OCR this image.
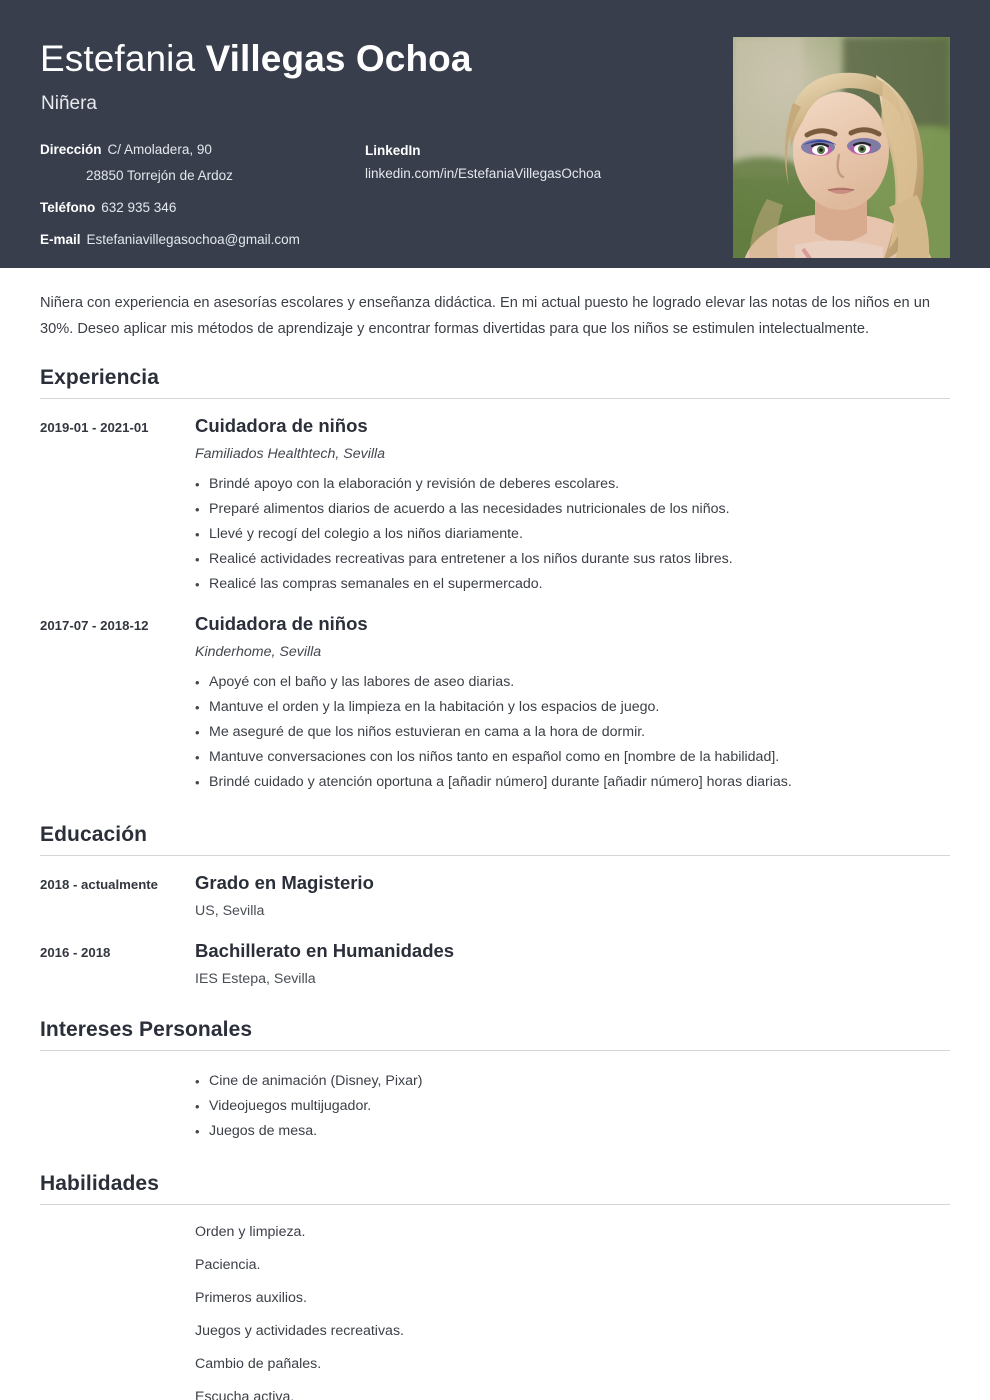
Estefania Villegas Ochoa
Niñera
Dirección C/ Amoladera, 90
28850 Torrejón de Ardoz
Teléfono 632 935 346
E-mail Estefaniavillegasochoa@gmail.com
LinkedIn
linkedin.com/in/EstefaniaVillegasOchoa

Niñera con experiencia en asesorías escolares y enseñanza didáctica. En mi actual puesto he logrado elevar las notas de los niños en un 30%. Deseo aplicar mis métodos de aprendizaje y encontrar formas divertidas para que los niños se estimulen intelectualmente.

Experiencia
2019-01 - 2021-01	Cuidadora de niños
Familiados Healthtech, Sevilla
• Brindé apoyo con la elaboración y revisión de deberes escolares.
• Preparé alimentos diarios de acuerdo a las necesidades nutricionales de los niños.
• Llevé y recogí del colegio a los niños diariamente.
• Realicé actividades recreativas para entretener a los niños durante sus ratos libres.
• Realicé las compras semanales en el supermercado.
2017-07 - 2018-12	Cuidadora de niños
Kinderhome, Sevilla
• Apoyé con el baño y las labores de aseo diarias.
• Mantuve el orden y la limpieza en la habitación y los espacios de juego.
• Me aseguré de que los niños estuvieran en cama a la hora de dormir.
• Mantuve conversaciones con los niños tanto en español como en [nombre de la habilidad].
• Brindé cuidado y atención oportuna a [añadir número] durante [añadir número] horas diarias.
Educación
2018 - actualmente	Grado en Magisterio
US, Sevilla
2016 - 2018	Bachillerato en Humanidades
IES Estepa, Sevilla
Intereses Personales
• Cine de animación (Disney, Pixar)
• Videojuegos multijugador.
• Juegos de mesa.
Habilidades
Orden y limpieza.
Paciencia.
Primeros auxilios.
Juegos y actividades recreativas.
Cambio de pañales.
Escucha activa.
